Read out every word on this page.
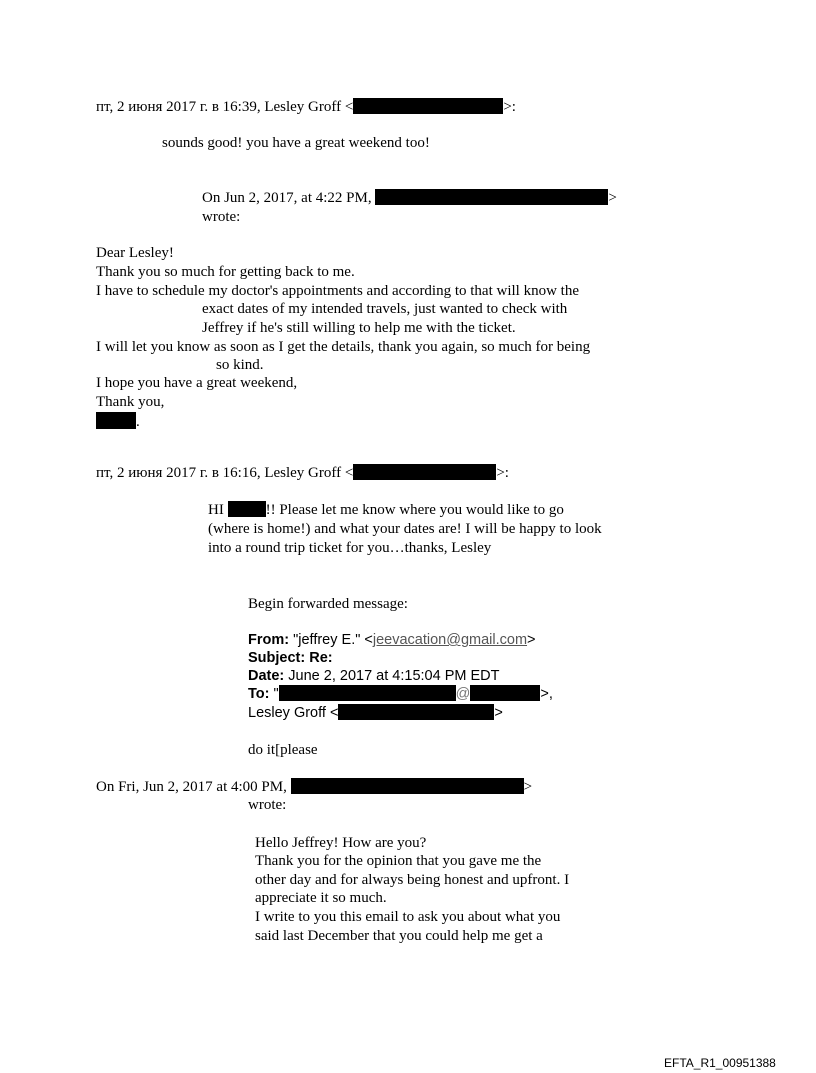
пт, 2 июня 2017 г. в 16:39, Lesley Groff <	>:
sounds good! you have a great weekend too!
On Jun 2, 2017, at 4:22 PM,	>
wrote:
Dear Lesley!
Thank you so much for getting back to me.
I have to schedule my doctor's appointments and according to that will know the
exact dates of my intended travels, just wanted to check with
Jeffrey if he's still willing to help me with the ticket.
I will let you know as soon as I get the details, thank you again, so much for being
so kind.
I hope you have a great weekend,
Thank you,
.
пт, 2 июня 2017 г. в 16:16, Lesley Groff <	>:
HI	!! Please let me know where you would like to go
(where is home!) and what your dates are! I will be happy to look
into a round trip ticket for you…thanks, Lesley
Begin forwarded message:
From: "jeffrey E." <jeevacation@gmail.com>
Subject: Re:
Date: June 2, 2017 at 4:15:04 PM EDT
To: "	@	>,
Lesley Groff <	>
do it[please
On Fri, Jun 2, 2017 at 4:00 PM,	>
wrote:
Hello Jeffrey! How are you?
Thank you for the opinion that you gave me the
other day and for always being honest and upfront. I
appreciate it so much.
I write to you this email to ask you about what you
said last December that you could help me get a
EFTA_R1_00951388
